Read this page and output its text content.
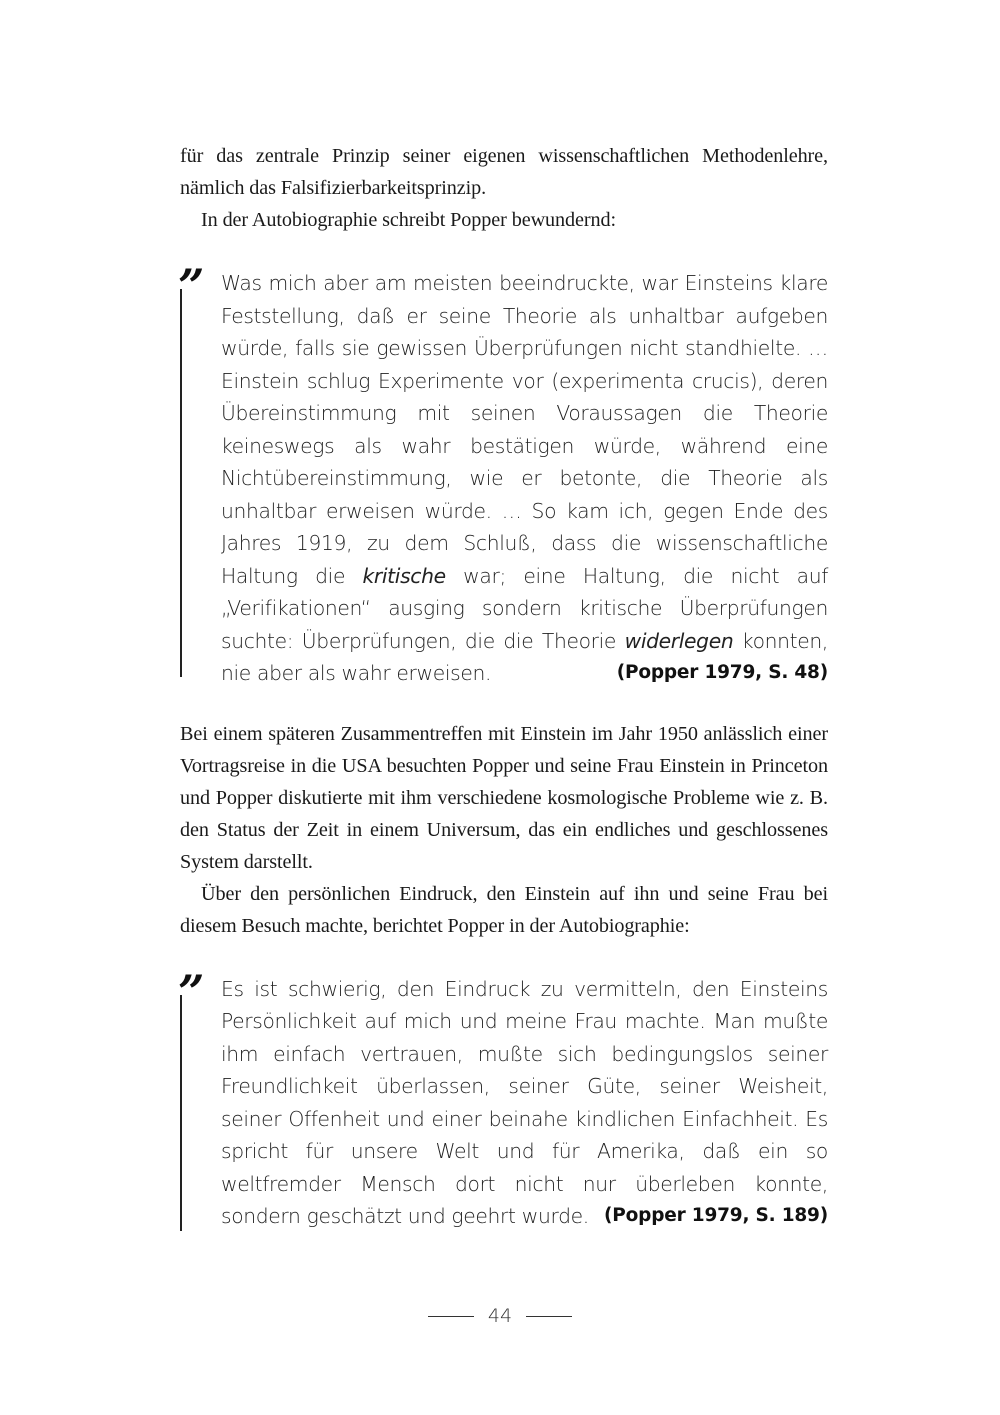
für das zentrale Prinzip seiner eigenen wissenschaftlichen Methodenlehre, nämlich das Falsifizierbarkeitsprinzip.

In der Autobiographie schreibt Popper bewundernd:

” Was mich aber am meisten beeindruckte, war Einsteins klare Feststellung, daß er seine Theorie als unhaltbar aufgeben würde, falls sie gewissen Überprüfungen nicht standhielte. … Einstein schlug Experimente vor (experimenta crucis), deren Übereinstimmung mit seinen Voraussagen die Theorie keineswegs als wahr bestätigen würde, während eine Nichtübereinstimmung, wie er betonte, die Theorie als unhaltbar erweisen würde. … So kam ich, gegen Ende des Jahres 1919, zu dem Schluß, dass die wissenschaftliche Haltung die kritische war; eine Haltung, die nicht auf „Verifikationen“ ausging sondern kritische Überprüfungen suchte: Überprüfungen, die die Theorie widerlegen konnten, nie aber als wahr erweisen.	(Popper 1979, S. 48)

Bei einem späteren Zusammentreffen mit Einstein im Jahr 1950 anlässlich einer Vortragsreise in die USA besuchten Popper und seine Frau Einstein in Princeton und Popper diskutierte mit ihm verschiedene kosmologische Probleme wie z. B. den Status der Zeit in einem Universum, das ein endliches und geschlossenes System darstellt.

Über den persönlichen Eindruck, den Einstein auf ihn und seine Frau bei diesem Besuch machte, berichtet Popper in der Autobiographie:

” Es ist schwierig, den Eindruck zu vermitteln, den Einsteins Persönlichkeit auf mich und meine Frau machte. Man mußte ihm einfach vertrauen, mußte sich bedingungslos seiner Freundlichkeit überlassen, seiner Güte, seiner Weisheit, seiner Offenheit und einer beinahe kindlichen Einfachheit. Es spricht für unsere Welt und für Amerika, daß ein so weltfremder Mensch dort nicht nur überleben konnte, sondern geschätzt und geehrt wurde. (Popper 1979, S. 189)

44
